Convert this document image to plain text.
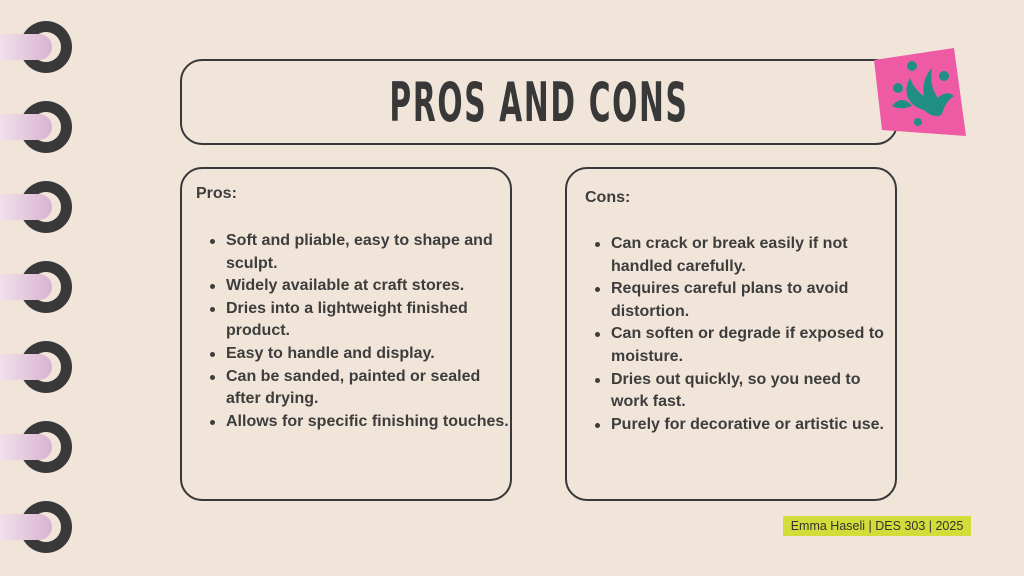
PROS AND CONS
Pros:
Soft and pliable, easy to shape and sculpt.
Widely available at craft stores.
Dries into a lightweight finished product.
Easy to handle and display.
Can be sanded, painted or sealed after drying.
Allows for specific finishing touches.
Cons:
Can crack or break easily if not handled carefully.
Requires careful plans to avoid distortion.
Can soften or degrade if exposed to moisture.
Dries out quickly, so you need to work fast.
Purely for decorative or artistic use.
Emma Haseli | DES 303 | 2025
